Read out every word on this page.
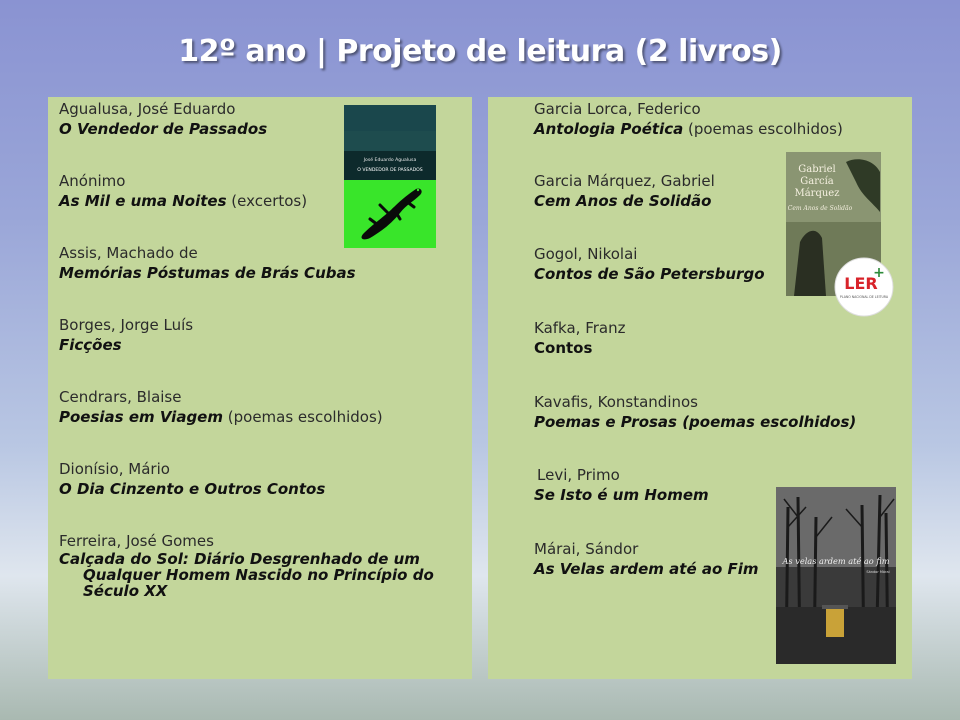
12º ano | Projeto de leitura (2 livros)
Agualusa, José Eduardo
O Vendedor de Passados
Anónimo
As Mil e uma Noites (excertos)
Assis, Machado de
Memórias Póstumas de Brás Cubas
Borges, Jorge Luís
Ficções
Cendrars, Blaise
Poesias em Viagem (poemas escolhidos)
Dionísio, Mário
O Dia Cinzento e Outros Contos
Ferreira, José Gomes
Calçada do Sol: Diário Desgrenhado de um Qualquer Homem Nascido no Princípio do Século XX
José Eduardo Agualusa
O VENDEDOR DE PASSADOS
Garcia Lorca, Federico
Antologia Poética (poemas escolhidos)
Garcia Márquez, Gabriel
Cem Anos de Solidão
Gogol, Nikolai
Contos de São Petersburgo
Kafka, Franz
Contos
Kavafis, Konstandinos
Poemas e Prosas (poemas escolhidos)
Levi, Primo
Se Isto é um Homem
Márai, Sándor
As Velas ardem até ao Fim
Gabriel
García
Márquez
Cem Anos de Solidão
LER
+
PLANO NACIONAL DE LEITURA
As velas ardem até ao fim
Sándor Márai
